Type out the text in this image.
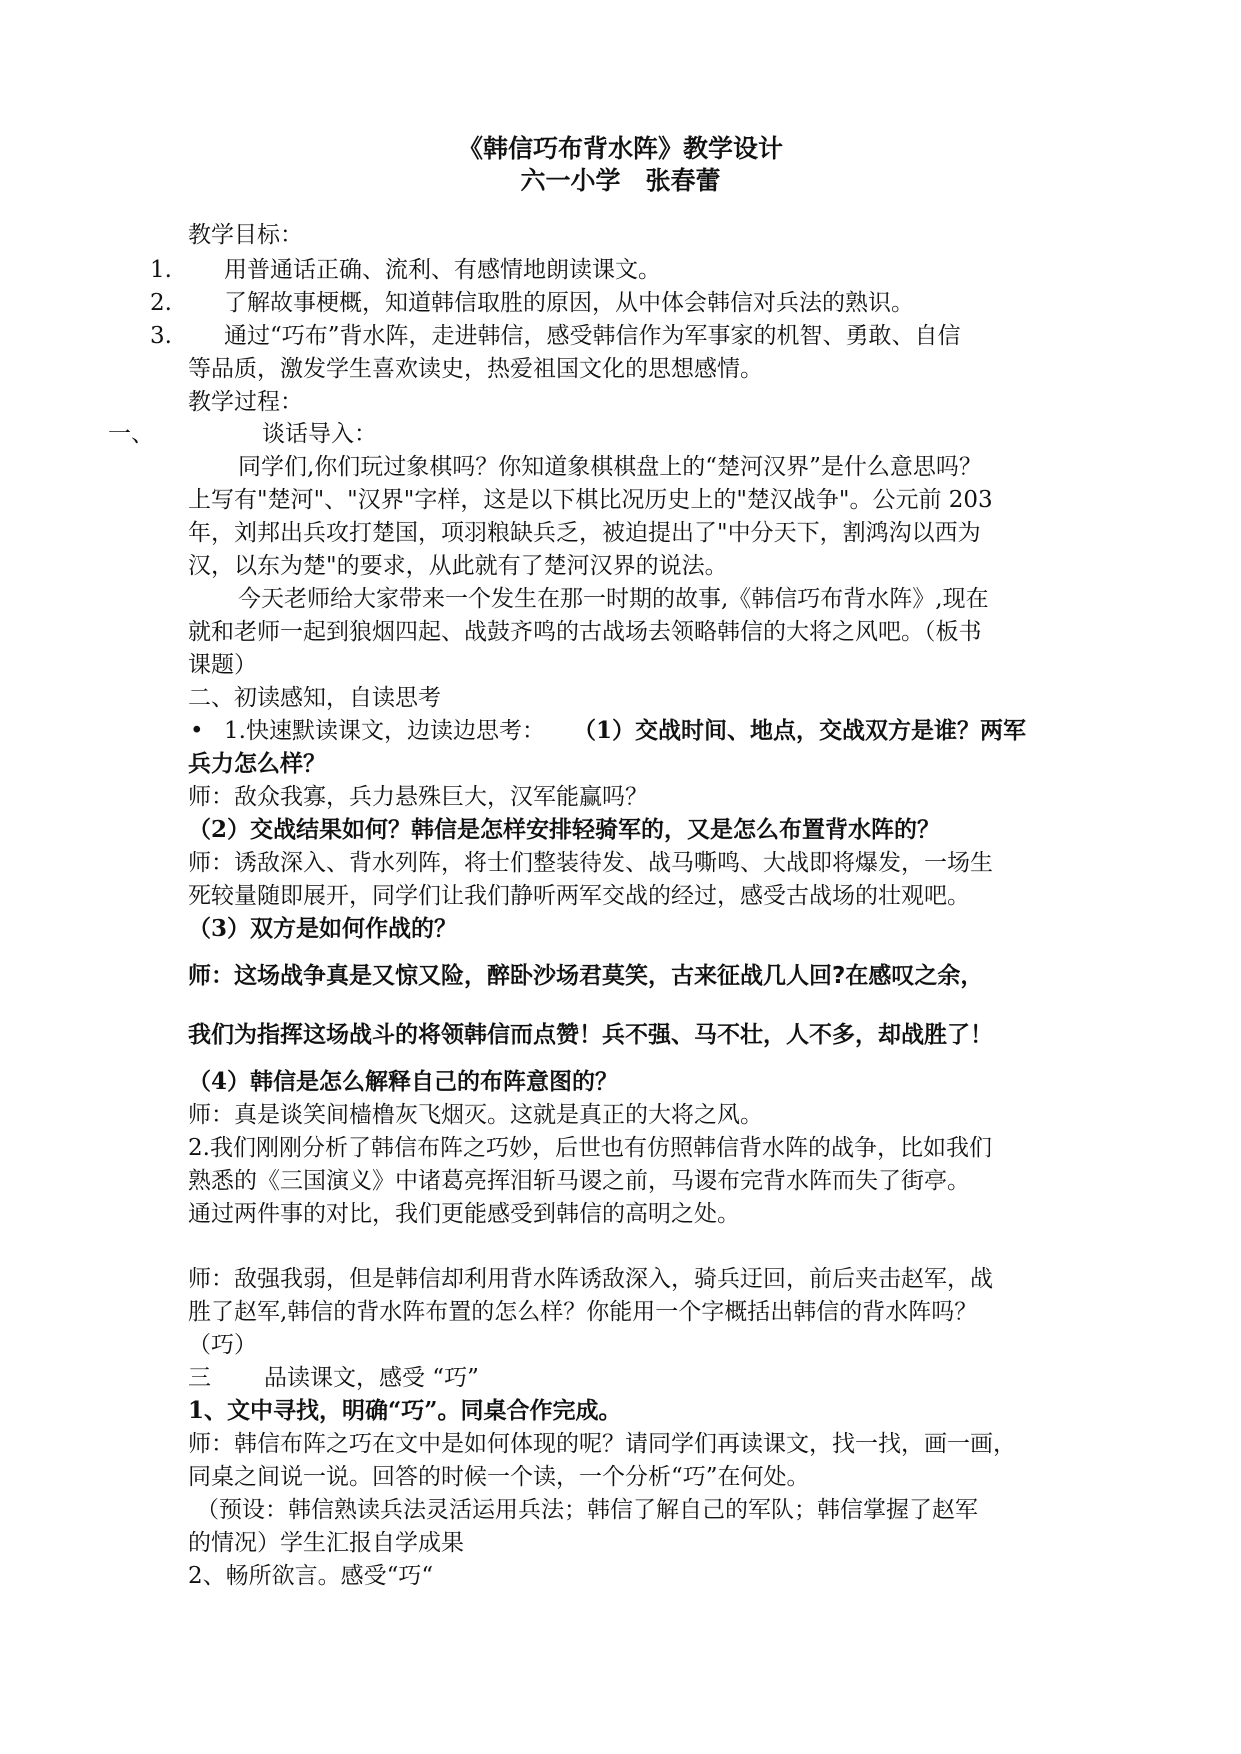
《韩信巧布背水阵》教学设计
六一小学　张春蕾
教学目标：
1. 用普通话正确、流利、有感情地朗读课文。
2. 了解故事梗概，知道韩信取胜的原因，从中体会韩信对兵法的熟识。
3. 通过“巧布”背水阵，走进韩信，感受韩信作为军事家的机智、勇敢、自信
等品质，激发学生喜欢读史，热爱祖国文化的思想感情。
教学过程：
一、	谈话导入：
同学们,你们玩过象棋吗？你知道象棋棋盘上的“楚河汉界”是什么意思吗？
上写有"楚河"、"汉界"字样，这是以下棋比况历史上的"楚汉战争"。公元前 203
年，刘邦出兵攻打楚国，项羽粮缺兵乏，被迫提出了"中分天下，割鸿沟以西为
汉，以东为楚"的要求，从此就有了楚河汉界的说法。
今天老师给大家带来一个发生在那一时期的故事,《韩信巧布背水阵》,现在
就和老师一起到狼烟四起、战鼓齐鸣的古战场去领略韩信的大将之风吧。（板书
课题）
二、初读感知，自读思考
• 1.快速默读课文，边读边思考： （1）交战时间、地点，交战双方是谁？两军
兵力怎么样？
师：敌众我寡，兵力悬殊巨大，汉军能赢吗？
（2）交战结果如何？韩信是怎样安排轻骑军的，又是怎么布置背水阵的？
师：诱敌深入、背水列阵，将士们整装待发、战马嘶鸣、大战即将爆发，一场生
死较量随即展开，同学们让我们静听两军交战的经过，感受古战场的壮观吧。
（3）双方是如何作战的？
师：这场战争真是又惊又险，醉卧沙场君莫笑，古来征战几人回?在感叹之余，
我们为指挥这场战斗的将领韩信而点赞！兵不强、马不壮，人不多，却战胜了！
（4）韩信是怎么解释自己的布阵意图的？
师：真是谈笑间樯橹灰飞烟灭。这就是真正的大将之风。
2.我们刚刚分析了韩信布阵之巧妙，后世也有仿照韩信背水阵的战争，比如我们
熟悉的《三国演义》中诸葛亮挥泪斩马谡之前，马谡布完背水阵而失了街亭。
通过两件事的对比，我们更能感受到韩信的高明之处。
师：敌强我弱，但是韩信却利用背水阵诱敌深入，骑兵迂回，前后夹击赵军，战
胜了赵军,韩信的背水阵布置的怎么样？你能用一个字概括出韩信的背水阵吗？
（巧）
三 品读课文，感受 “巧”
1、文中寻找，明确“巧”。同桌合作完成。
师：韩信布阵之巧在文中是如何体现的呢？请同学们再读课文，找一找，画一画，
同桌之间说一说。回答的时候一个读，一个分析“巧”在何处。
（预设：韩信熟读兵法灵活运用兵法；韩信了解自己的军队；韩信掌握了赵军
的情况）学生汇报自学成果
2、畅所欲言。感受“巧“
